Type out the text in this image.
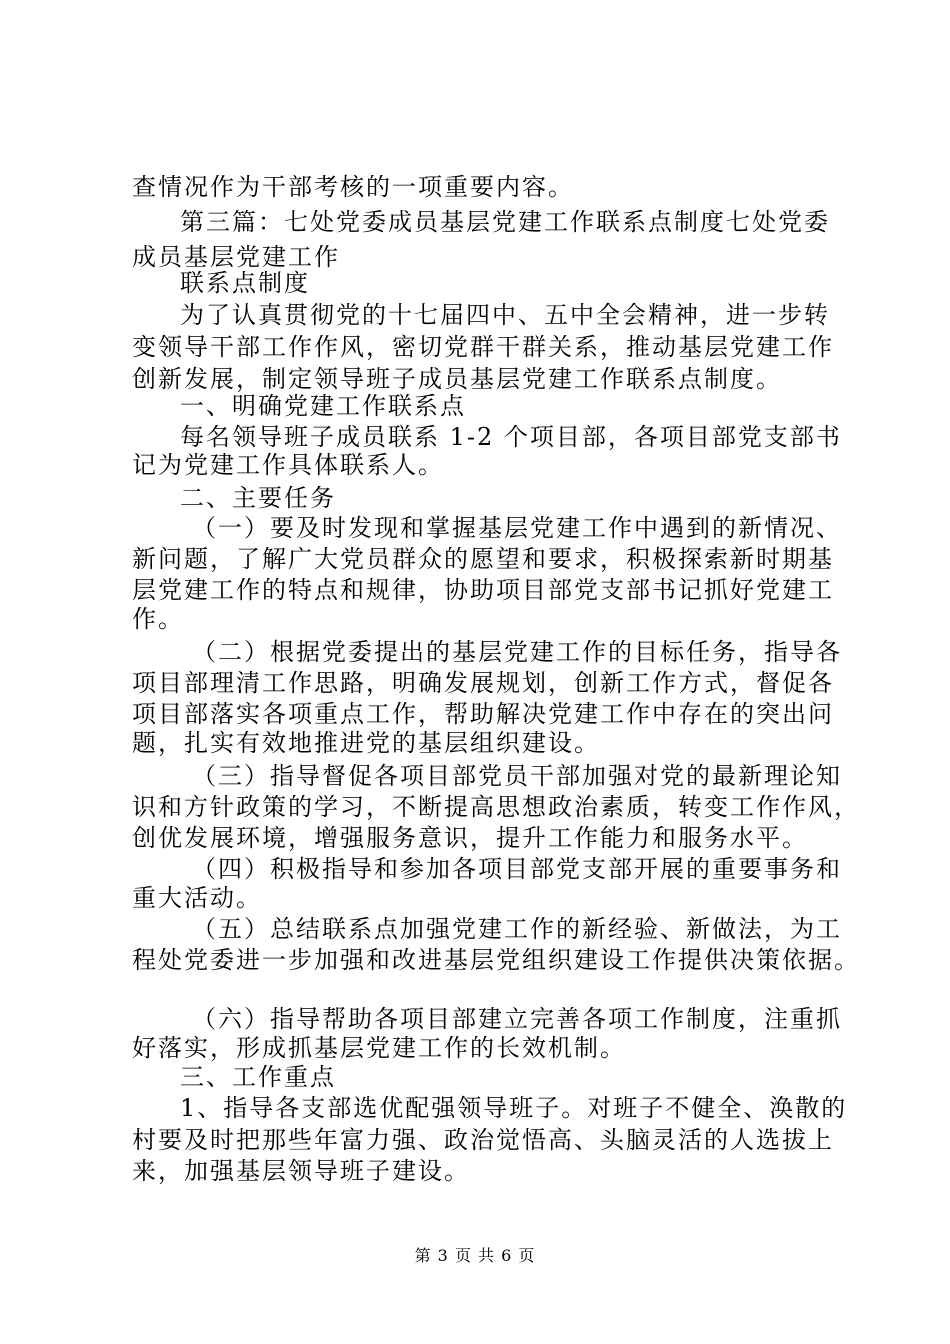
查情况作为干部考核的一项重要内容。
第三篇：七处党委成员基层党建工作联系点制度七处党委
成员基层党建工作
联系点制度
为了认真贯彻党的十七届四中、五中全会精神，进一步转
变领导干部工作作风，密切党群干群关系，推动基层党建工作
创新发展，制定领导班子成员基层党建工作联系点制度。
一、明确党建工作联系点
每名领导班子成员联系 1-2 个项目部，各项目部党支部书
记为党建工作具体联系人。
二、主要任务
（一）要及时发现和掌握基层党建工作中遇到的新情况、
新问题，了解广大党员群众的愿望和要求，积极探索新时期基
层党建工作的特点和规律，协助项目部党支部书记抓好党建工
作。
（二）根据党委提出的基层党建工作的目标任务，指导各
项目部理清工作思路，明确发展规划，创新工作方式，督促各
项目部落实各项重点工作，帮助解决党建工作中存在的突出问
题，扎实有效地推进党的基层组织建设。
（三）指导督促各项目部党员干部加强对党的最新理论知
识和方针政策的学习，不断提高思想政治素质，转变工作作风，
创优发展环境，增强服务意识，提升工作能力和服务水平。
（四）积极指导和参加各项目部党支部开展的重要事务和
重大活动。
（五）总结联系点加强党建工作的新经验、新做法，为工
程处党委进一步加强和改进基层党组织建设工作提供决策依据。
（六）指导帮助各项目部建立完善各项工作制度，注重抓
好落实，形成抓基层党建工作的长效机制。
三、工作重点
1、指导各支部选优配强领导班子。对班子不健全、涣散的
村要及时把那些年富力强、政治觉悟高、头脑灵活的人选拔上
来，加强基层领导班子建设。
第 3 页 共 6 页
